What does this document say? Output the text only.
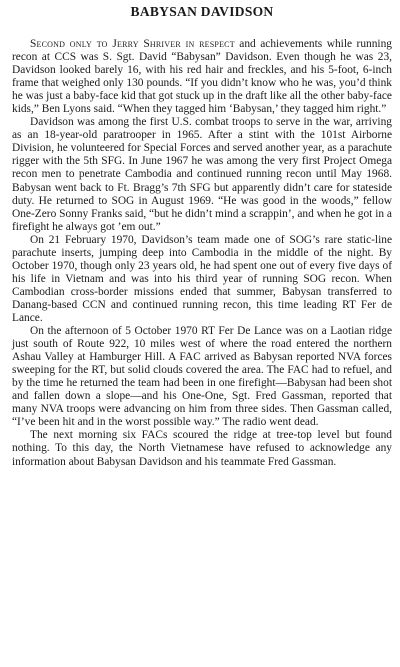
BABYSAN DAVIDSON

Second only to Jerry Shriver in respect and achievements while running recon at CCS was S. Sgt. David “Babysan” Davidson. Even though he was 23, Davidson looked barely 16, with his red hair and freckles, and his 5-foot, 6-inch frame that weighed only 130 pounds. “If you didn’t know who he was, you’d think he was just a baby-face kid that got stuck up in the draft like all the other baby-face kids,” Ben Lyons said. “When they tagged him ‘Babysan,’ they tagged him right.”

Davidson was among the first U.S. combat troops to serve in the war, arriving as an 18-year-old paratrooper in 1965. After a stint with the 101st Airborne Division, he volunteered for Special Forces and served another year, as a parachute rigger with the 5th SFG. In June 1967 he was among the very first Project Omega recon men to penetrate Cambodia and continued running recon until May 1968. Babysan went back to Ft. Bragg’s 7th SFG but apparently didn’t care for stateside duty. He returned to SOG in August 1969. “He was good in the woods,” fellow One-Zero Sonny Franks said, “but he didn’t mind a scrappin’, and when he got in a firefight he always got ’em out.”

On 21 February 1970, Davidson’s team made one of SOG’s rare static-line parachute inserts, jumping deep into Cambodia in the middle of the night. By October 1970, though only 23 years old, he had spent one out of every five days of his life in Vietnam and was into his third year of running SOG recon. When Cambodian cross-border missions ended that summer, Babysan transferred to Danang-based CCN and continued running recon, this time leading RT Fer de Lance.

On the afternoon of 5 October 1970 RT Fer De Lance was on a Laotian ridge just south of Route 922, 10 miles west of where the road entered the northern Ashau Valley at Hamburger Hill. A FAC arrived as Babysan reported NVA forces sweeping for the RT, but solid clouds covered the area. The FAC had to refuel, and by the time he returned the team had been in one firefight—Babysan had been shot and fallen down a slope—and his One-One, Sgt. Fred Gassman, reported that many NVA troops were advancing on him from three sides. Then Gassman called, “I’ve been hit and in the worst possible way.” The radio went dead.

The next morning six FACs scoured the ridge at tree-top level but found nothing. To this day, the North Vietnamese have refused to acknowledge any information about Babysan Davidson and his teammate Fred Gassman.
